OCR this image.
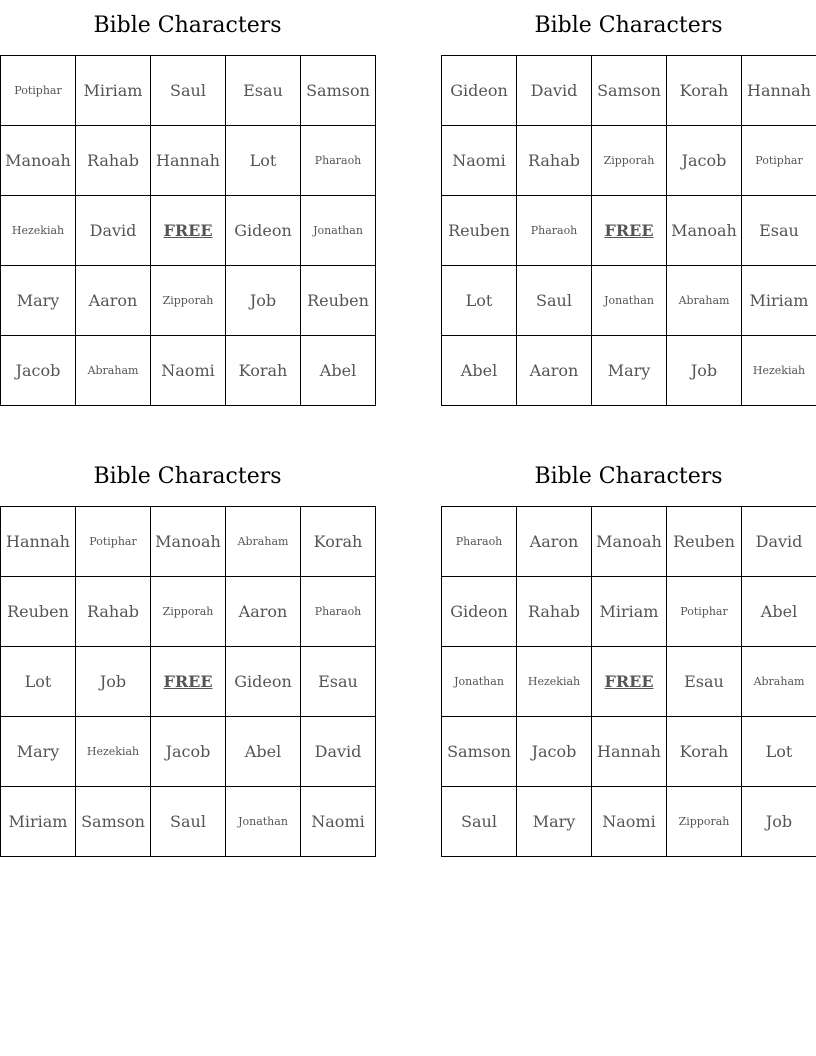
Bible Characters
Potiphar	Miriam	Saul	Esau	Samson
Manoah	Rahab	Hannah	Lot	Pharaoh
Hezekiah	David	FREE	Gideon	Jonathan
Mary	Aaron	Zipporah	Job	Reuben
Jacob	Abraham	Naomi	Korah	Abel
Bible Characters
Gideon	David	Samson	Korah	Hannah
Naomi	Rahab	Zipporah	Jacob	Potiphar
Reuben	Pharaoh	FREE	Manoah	Esau
Lot	Saul	Jonathan	Abraham	Miriam
Abel	Aaron	Mary	Job	Hezekiah
Bible Characters
Hannah	Potiphar	Manoah	Abraham	Korah
Reuben	Rahab	Zipporah	Aaron	Pharaoh
Lot	Job	FREE	Gideon	Esau
Mary	Hezekiah	Jacob	Abel	David
Miriam	Samson	Saul	Jonathan	Naomi
Bible Characters
Pharaoh	Aaron	Manoah	Reuben	David
Gideon	Rahab	Miriam	Potiphar	Abel
Jonathan	Hezekiah	FREE	Esau	Abraham
Samson	Jacob	Hannah	Korah	Lot
Saul	Mary	Naomi	Zipporah	Job
